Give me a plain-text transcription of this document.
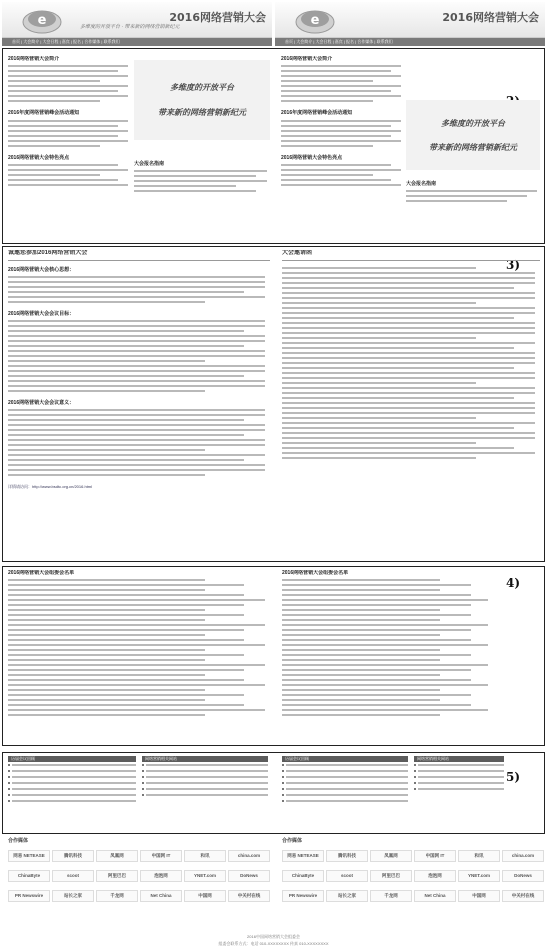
e	2016网络营销大会
多维度的开放平台 · 带来新的网络营销新纪元
首页 | 大会简介 | 大会日程 | 嘉宾 | 报名 | 合作媒体 | 联系我们
e	2016网络营销大会
首页 | 大会简介 | 大会日程 | 嘉宾 | 报名 | 合作媒体 | 联系我们
2016网络营销大会简介
2016年度网络营销峰会活动通知
2016网络营销大会特色亮点
多维度的开放平台
带来新的网络营销新纪元
大会报名指南
2016网络营销大会简介
2016年度网络营销峰会活动通知
2016网络营销大会特色亮点
多维度的开放平台
带来新的网络营销新纪元
大会报名指南
3)
诚邀您参加2016网络营销大会
2016网络营销大会核心思想：
2016网络营销大会会议目标：
2016网络营销大会会议意义：
详情请访问：http://www.bsdtc.org.cn/2016.html
大会邀请函
4)
2016网络营销大会组委会名单	2016网络营销大会组委会名单
5)
历届会议回顾	网络营销相关网站	历届会议回顾	网络营销相关网站
合作媒体	合作媒体
网易 NETEASE	腾讯科技	凤凰网	中国网 IT	和讯	china.com
ChinaByte	scoot	阿里巴巴	泡泡网	YNET.com	DoNews
PR Newswire	站长之家	千龙网	Net China	中国网	中关村在线
网易 NETEASE	腾讯科技	凤凰网	中国网 IT	和讯	china.com
ChinaByte	scoot	阿里巴巴	泡泡网	YNET.com	DoNews
PR Newswire	站长之家	千龙网	Net China	中国网	中关村在线
2016中国网络营销大会组委会
组委会联系方式：电话 010-XXXXXXXX 传真 010-XXXXXXXX
